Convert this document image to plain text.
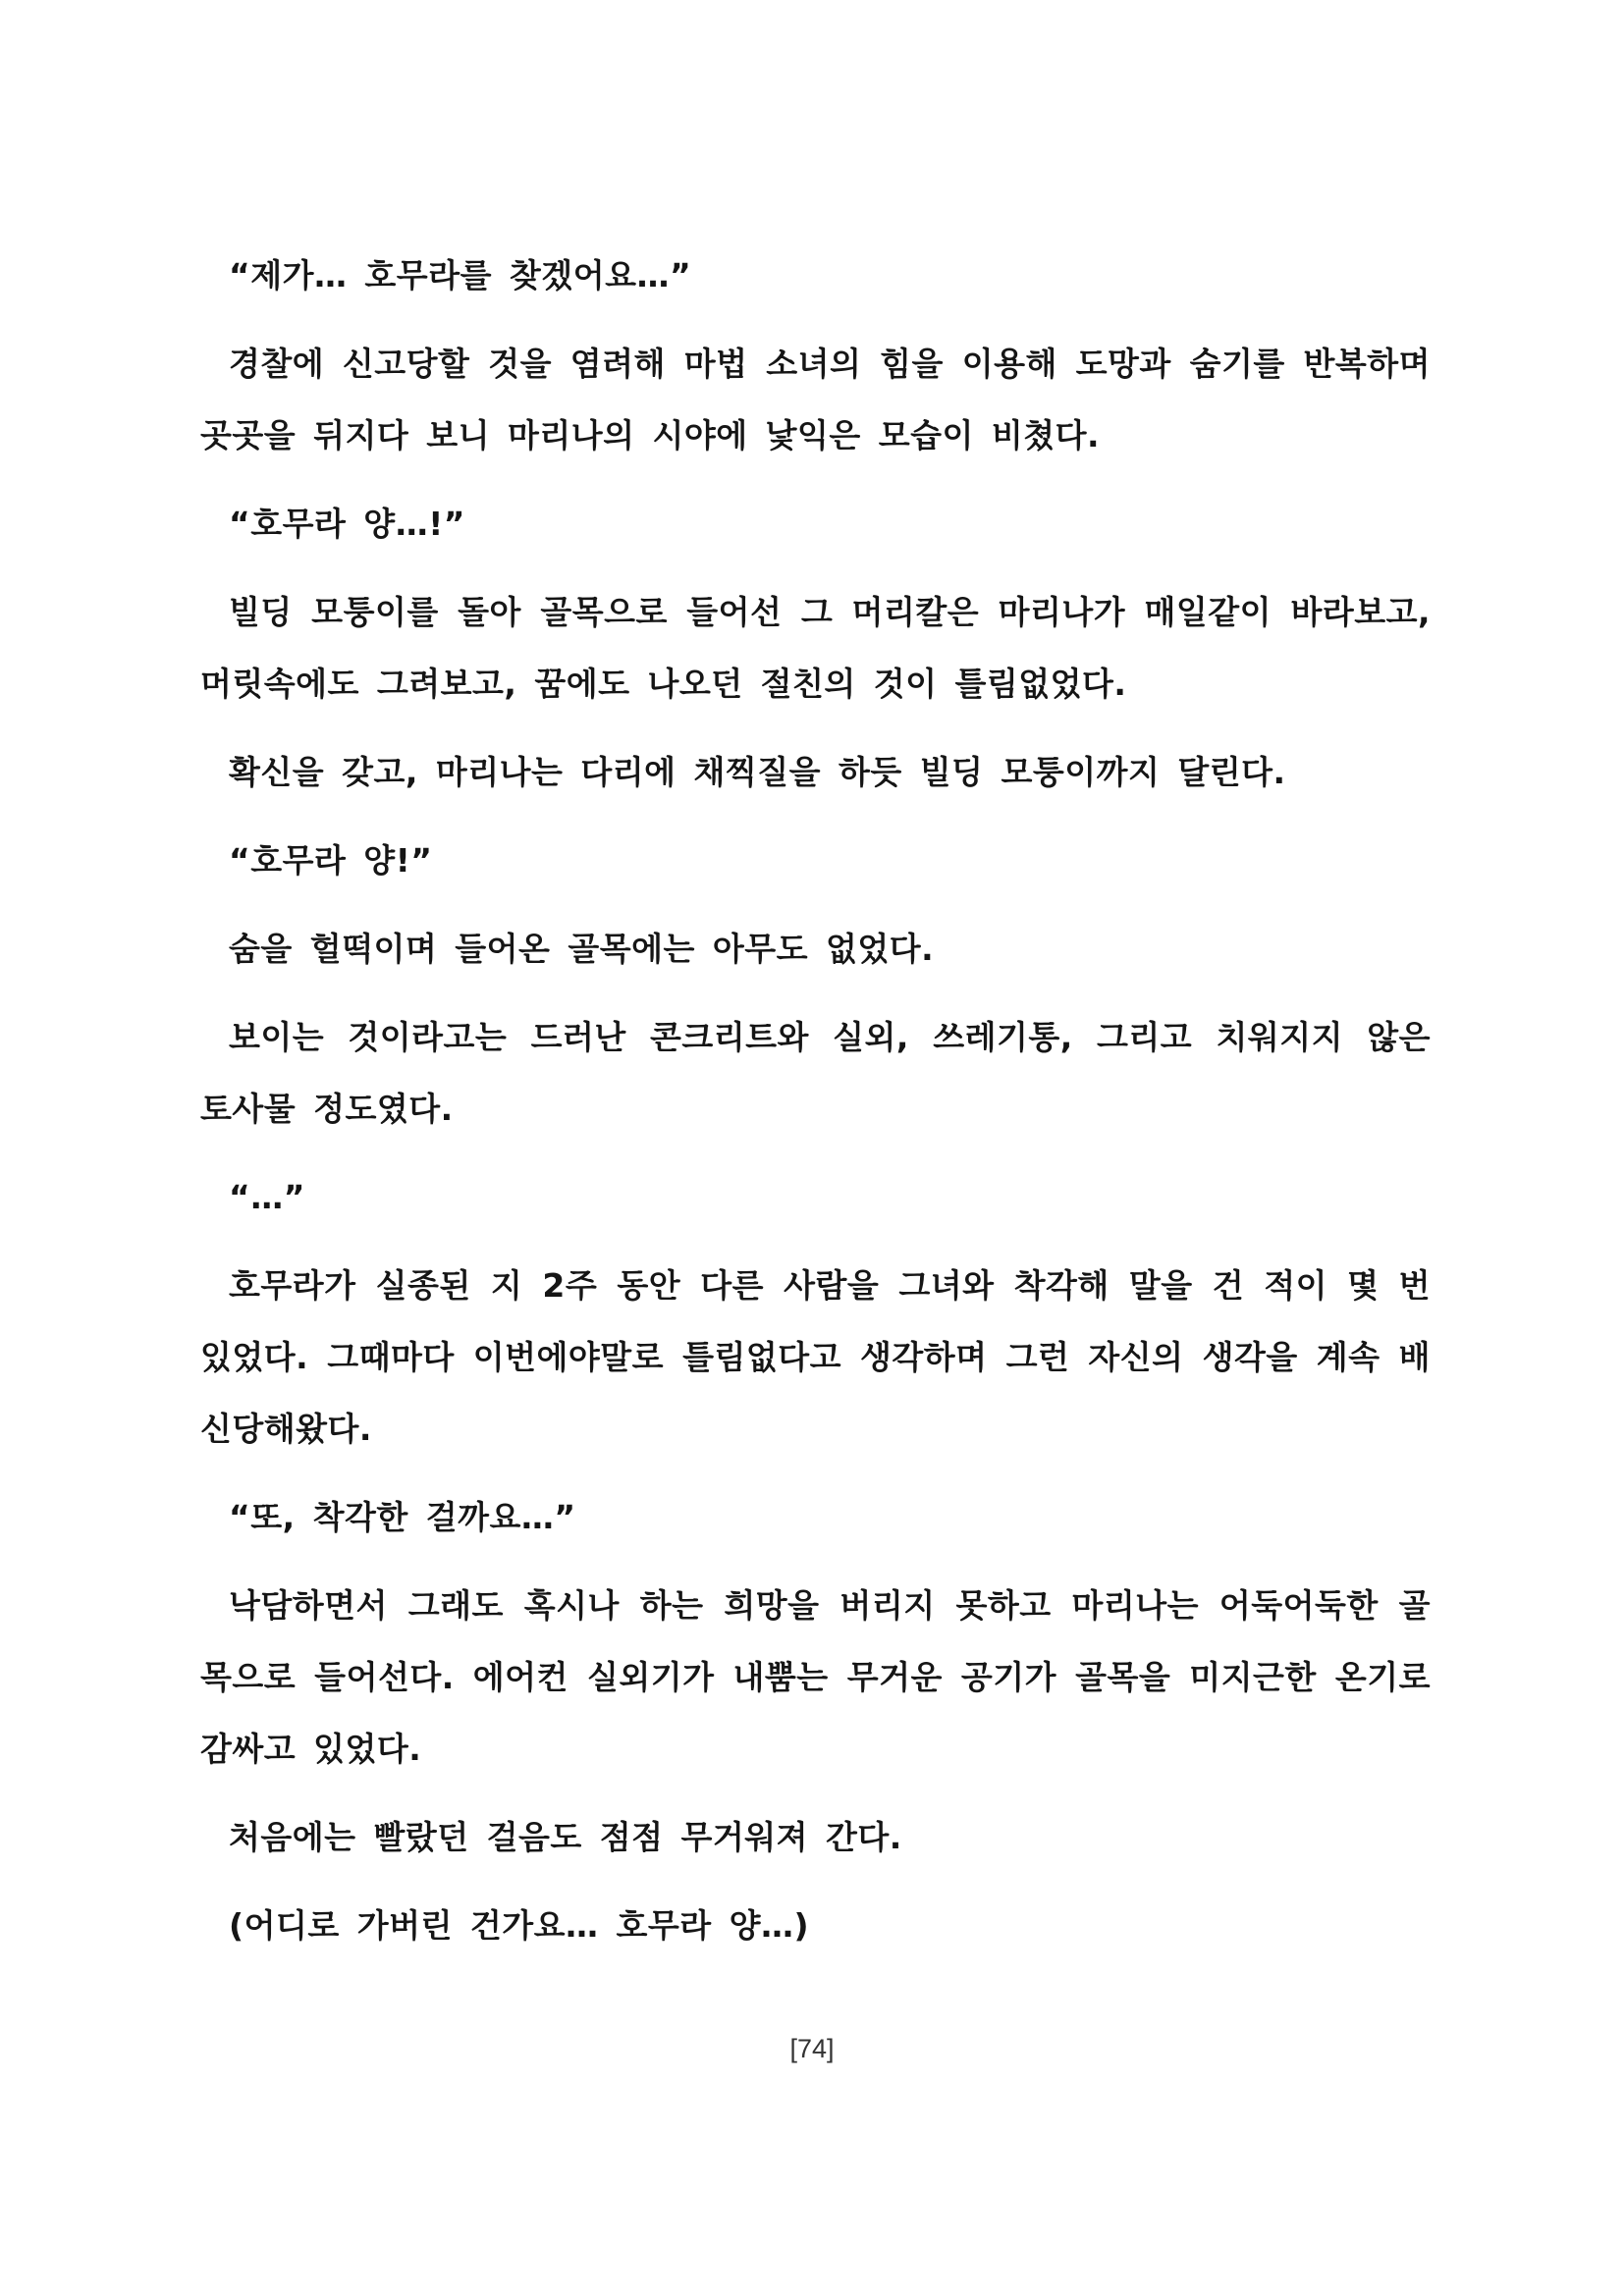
“제가… 호무라를 찾겠어요…”

경찰에 신고당할 것을 염려해 마법 소녀의 힘을 이용해 도망과 숨기를 반복하며 곳곳을 뒤지다 보니 마리나의 시야에 낯익은 모습이 비쳤다.

“호무라 양…!”

빌딩 모퉁이를 돌아 골목으로 들어선 그 머리칼은 마리나가 매일같이 바라보고, 머릿속에도 그려보고, 꿈에도 나오던 절친의 것이 틀림없었다.

확신을 갖고, 마리나는 다리에 채찍질을 하듯 빌딩 모퉁이까지 달린다.

“호무라 양!”

숨을 헐떡이며 들어온 골목에는 아무도 없었다.

보이는 것이라고는 드러난 콘크리트와 실외, 쓰레기통, 그리고 치워지지 않은 토사물 정도였다.

“…”

호무라가 실종된 지 2주 동안 다른 사람을 그녀와 착각해 말을 건 적이 몇 번 있었다. 그때마다 이번에야말로 틀림없다고 생각하며 그런 자신의 생각을 계속 배신당해왔다.

“또, 착각한 걸까요…”

낙담하면서 그래도 혹시나 하는 희망을 버리지 못하고 마리나는 어둑어둑한 골목으로 들어선다. 에어컨 실외기가 내뿜는 무거운 공기가 골목을 미지근한 온기로 감싸고 있었다.

처음에는 빨랐던 걸음도 점점 무거워져 간다.

(어디로 가버린 건가요… 호무라 양…)

[74]
